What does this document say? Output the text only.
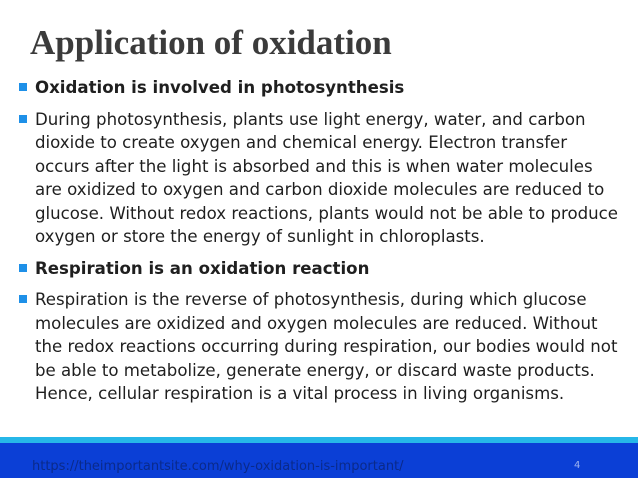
Application of oxidation
Oxidation is involved in photosynthesis
During photosynthesis, plants use light energy, water, and carbon dioxide to create oxygen and chemical energy. Electron transfer occurs after the light is absorbed and this is when water molecules are oxidized to oxygen and carbon dioxide molecules are reduced to glucose. Without redox reactions, plants would not be able to produce oxygen or store the energy of sunlight in chloroplasts.
Respiration is an oxidation reaction
Respiration is the reverse of photosynthesis, during which glucose molecules are oxidized and oxygen molecules are reduced. Without the redox reactions occurring during respiration, our bodies would not be able to metabolize, generate energy, or discard waste products. Hence, cellular respiration is a vital process in living organisms.
https://theimportantsite.com/why-oxidation-is-important/	4
